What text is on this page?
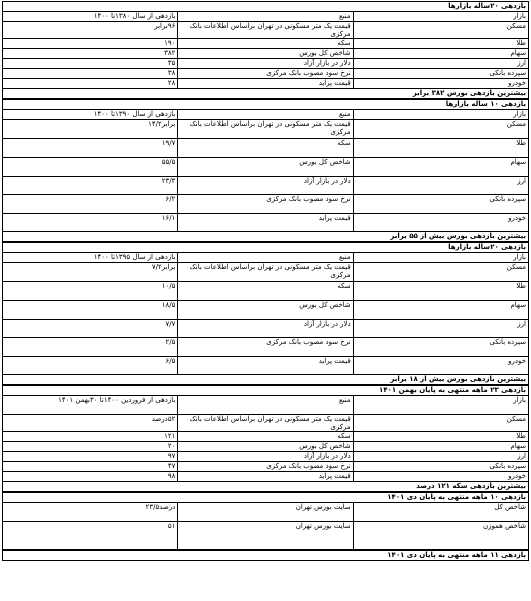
بازدهی ۲۰ساله بازارها		
بازار	منبع	بازدهی از سال ۱۳۸۰تا ۱۴۰۰
مسکن	قیمت یک متر مسکونی در تهران براساس اطلاعات بانک مرکزی	۹۶برابر
طلا	سکه	۱۹۰
سهام	شاخص کل بورس	۳۸۲
ارز	دلار در بازار آزاد	۳۵
سپرده بانکی	نرخ سود مصوب بانک مرکزی	۳۸
خودرو	قیمت پراید	۲۸
بیشترین بازدهی بورس ۳۸۲ برابر		
بازدهی ۱۰ ساله بازارها		
بازار	منبع	بازدهی از سال ۱۳۹۰تا ۱۴۰۰
مسکن	قیمت یک متر مسکونی در تهران براساس اطلاعات بانک مرکزی	برابر۱۴/۲
طلا	سکه	۱۹/۷
سهام	شاخص کل بورس	۵۵/۵
ارز	دلار در بازار آزاد	۲۳/۳
سپرده بانکی	نرخ سود مصوب بانک مرکزی	۶/۲
خودرو	قیمت پراید	۱۶/۱
بیشترین بازدهی بورس بیش از ۵۵ برابر		
بازدهی ۲۰ساله بازارها		
بازار	منبع	بازدهی از سال ۱۳۹۵تا ۱۴۰۰
مسکن	قیمت یک متر مسکونی در تهران براساس اطلاعات بانک مرکزی	برابر۷/۲
طلا	سکه	۱۰/۵
سهام	شاخص کل بورس	۱۸/۵
ارز	دلار در بازار آزاد	۷/۷
سپرده بانکی	نرخ سود مصوب بانک مرکزی	۲/۵
خودرو	قیمت پراید	۶/۵
بیشترین بازدهی بورس بیش از ۱۸ برابر		
بازدهی ۲۳ ماهه منتهی به پایان بهمن ۱۴۰۱		
بازار	منبع	بازدهی از فروردین ۱۴۰۰تا ۳۰بهمن ۱۴۰۱
مسکن	قیمت یک متر مسکونی در تهران براساس اطلاعات بانک مرکزی	۵۲درصد
طلا	سکه	۱۲۱
سهام	شاخص کل بورس	۲۰
ارز	دلار در بازار آزاد	۹۷
سپرده بانکی	نرخ سود مصوب بانک مرکزی	۴۷
خودرو	قیمت پراید	۹۸
بیشترین بازدهی سکه ۱۲۱ درصد		
بازدهی ۱۰ ماهه منتهی به پایان دی ۱۴۰۱		
شاخص کل	سایت بورس تهران	درصد۲۳/۵
شاخص هموزن	سایت بورس تهران	۵۱
بازدهی ۱۱ ماهه منتهی به پایان دی ۱۴۰۱
